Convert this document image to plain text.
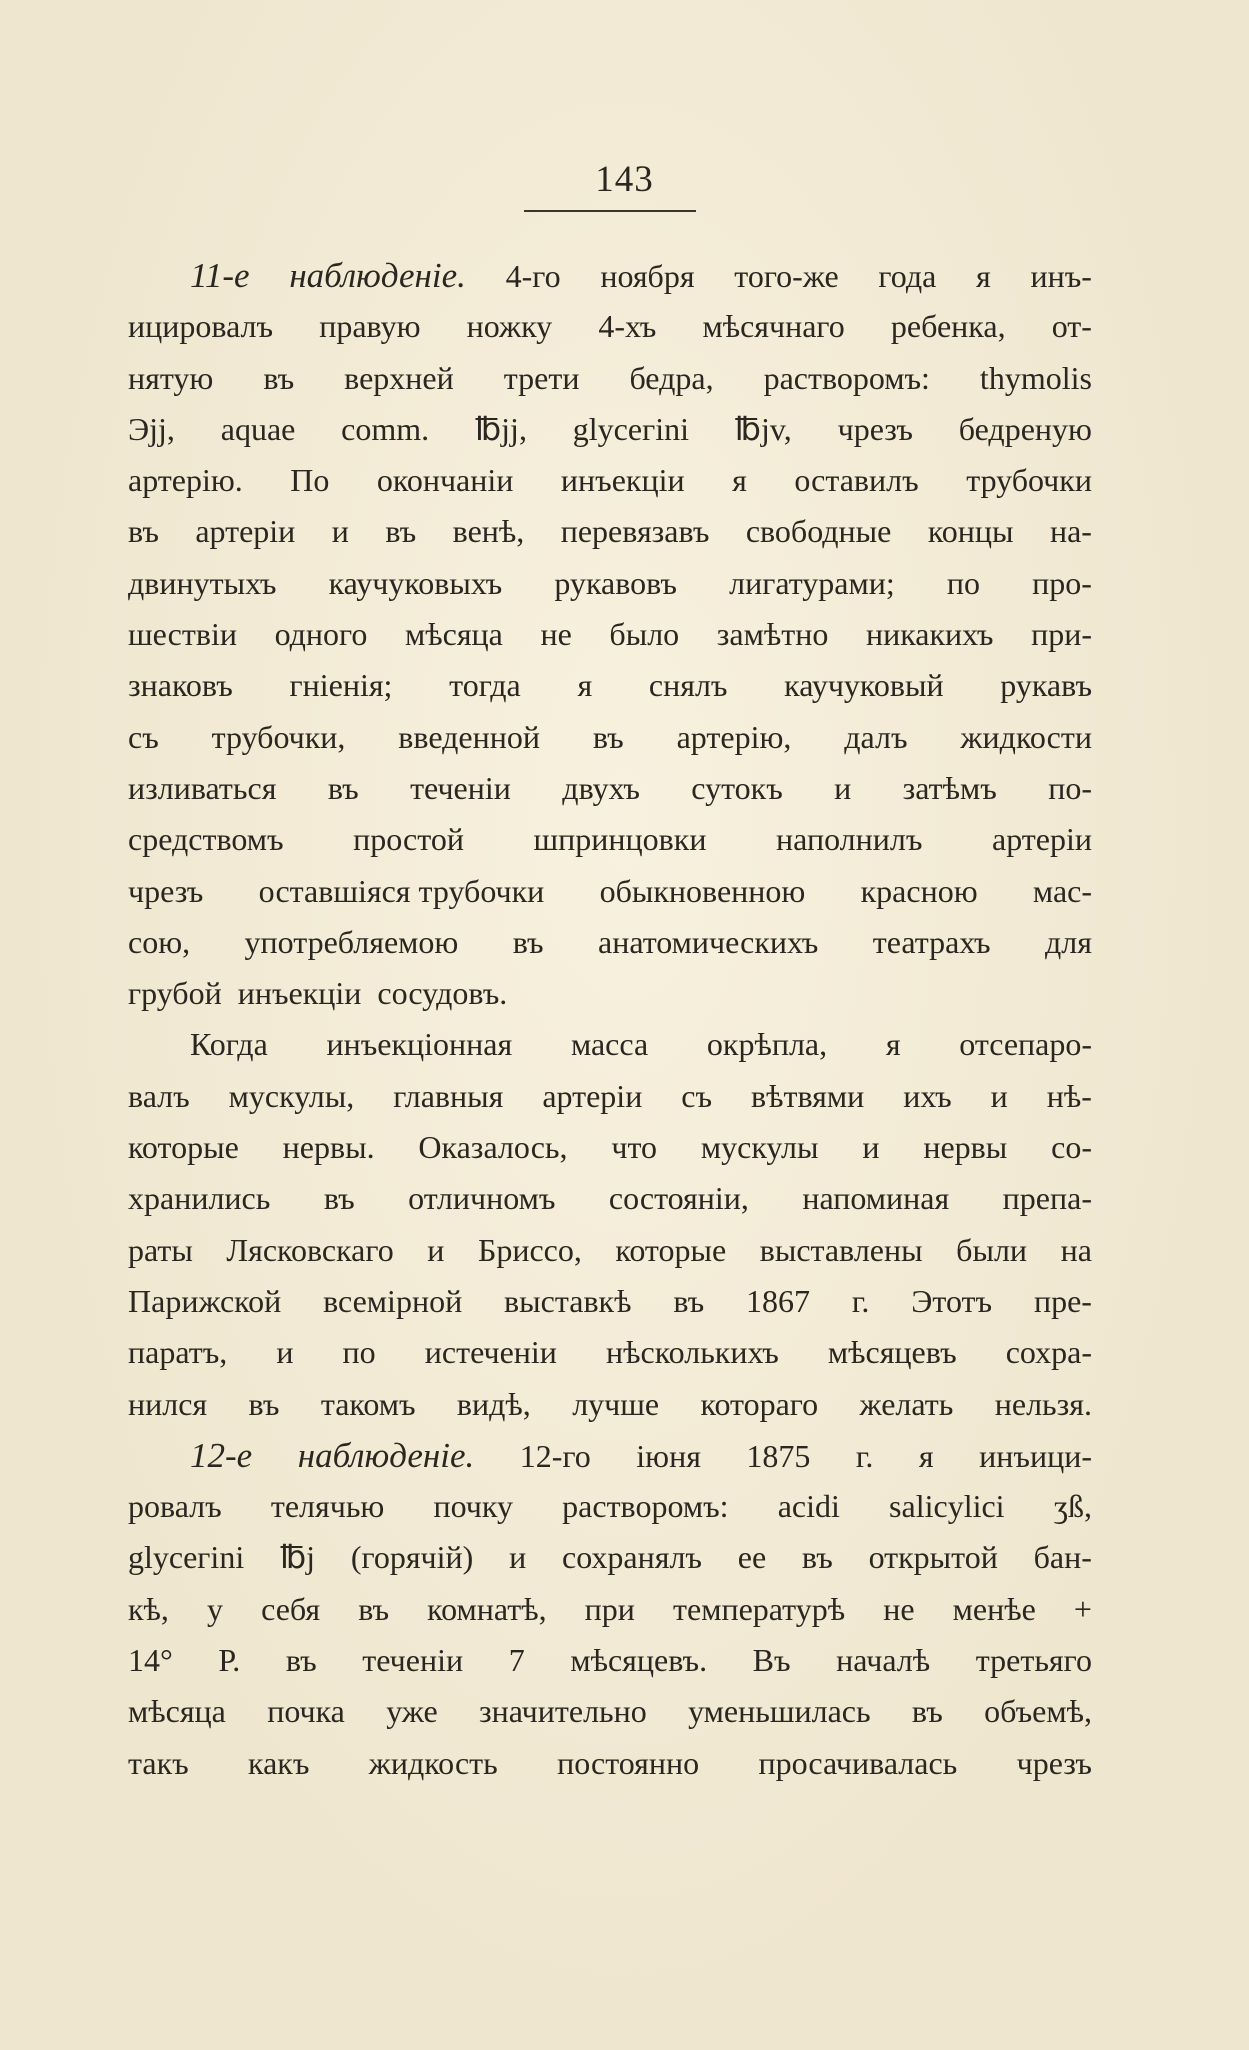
143
11-е наблюденіе. 4-го ноября того-же года я инъ-
ицировалъ правую ножку 4-хъ мѣсячнаго ребенка, от-
нятую въ верхней трети бедра, растворомъ: thymolis
Эjj, aquae comm. ℔jj, glyceгini ℔jv, чрезъ бедреную
артерію. По окончаніи инъекціи я оставилъ трубочки
въ артеріи и въ венѣ, перевязавъ свободные концы на-
двинутыхъ каучуковыхъ рукавовъ лигатурами; по про-
шествіи одного мѣсяца не было замѣтно никакихъ при-
знаковъ гніенія; тогда я снялъ каучуковый рукавъ
съ трубочки, введенной въ артерію, далъ жидкости
изливаться въ теченіи двухъ сутокъ и затѣмъ по-
средствомъ простой шпринцовки наполнилъ артеріи
чрезъ оставшіяся трубочки обыкновенною красною мас-
сою, употребляемою въ анатомическихъ театрахъ для
грубой инъекціи сосудовъ.
Когда инъекціонная масса окрѣпла, я отсепаро-
валъ мускулы, главныя артеріи съ вѣтвями ихъ и нѣ-
которые нервы. Оказалось, что мускулы и нервы со-
хранились въ отличномъ состояніи, напоминая препа-
раты Лясковскаго и Бриссо, которые выставлены были на
Парижской всемірной выставкѣ въ 1867 г. Этотъ пре-
паратъ, и по истеченіи нѣсколькихъ мѣсяцевъ сохра-
нился въ такомъ видѣ, лучше котораго желать нельзя.
12-е наблюденіе. 12-го іюня 1875 г. я инъици-
ровалъ телячью почку растворомъ: acidi salicylici ʒß,
glyceгini ℔j (горячій) и сохранялъ ее въ открытой бан-
кѣ, у себя въ комнатѣ, при температурѣ не менѣе +
14° Р. въ теченіи 7 мѣсяцевъ. Въ началѣ третьяго
мѣсяца почка уже значительно уменьшилась въ объемѣ,
такъ какъ жидкость постоянно просачивалась чрезъ
